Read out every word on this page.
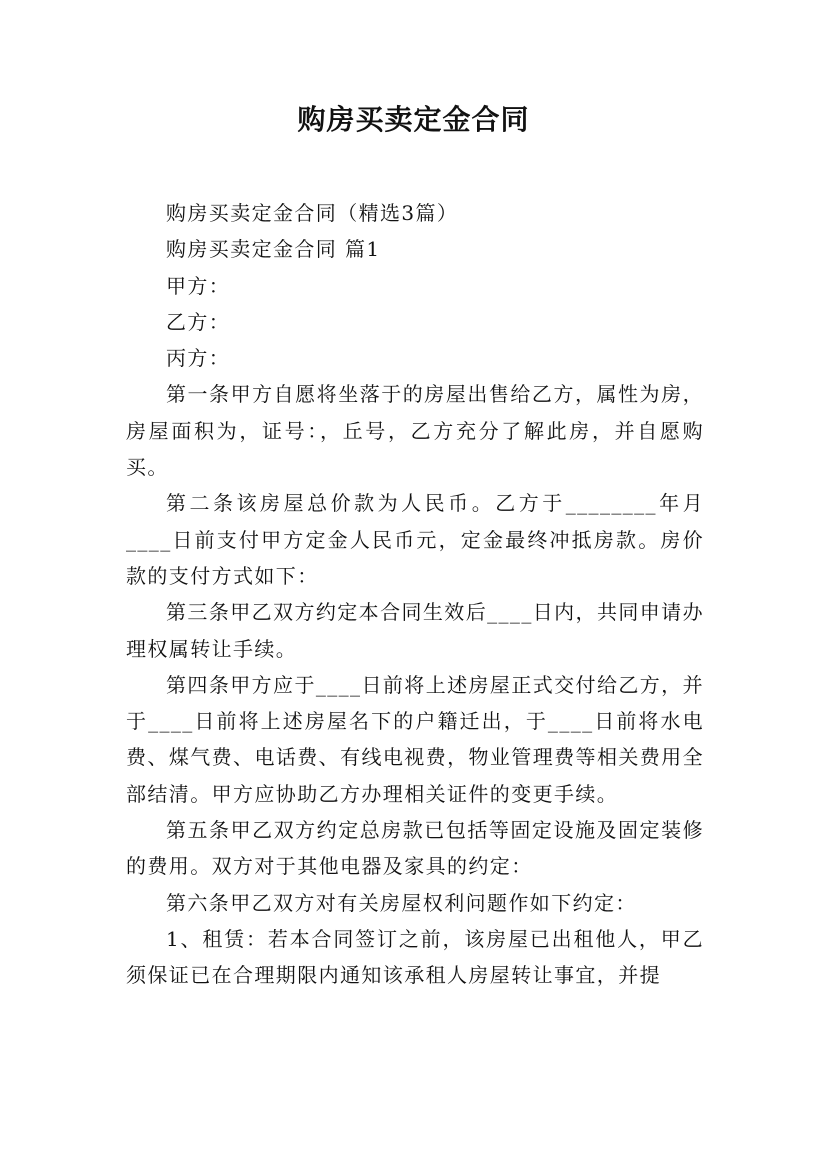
购房买卖定金合同

购房买卖定金合同（精选3篇）

购房买卖定金合同 篇1

甲方：

乙方：

丙方：

第一条甲方自愿将坐落于的房屋出售给乙方，属性为房，房屋面积为，证号：，丘号，乙方充分了解此房，并自愿购买。

第二条该房屋总价款为人民币。乙方于________年月____日前支付甲方定金人民币元，定金最终冲抵房款。房价款的支付方式如下：

第三条甲乙双方约定本合同生效后____日内，共同申请办理权属转让手续。

第四条甲方应于____日前将上述房屋正式交付给乙方，并于____日前将上述房屋名下的户籍迁出，于____日前将水电费、煤气费、电话费、有线电视费，物业管理费等相关费用全部结清。甲方应协助乙方办理相关证件的变更手续。

第五条甲乙双方约定总房款已包括等固定设施及固定装修的费用。双方对于其他电器及家具的约定：

第六条甲乙双方对有关房屋权利问题作如下约定：

1、租赁：若本合同签订之前，该房屋已出租他人，甲乙须保证已在合理期限内通知该承租人房屋转让事宜，并提
